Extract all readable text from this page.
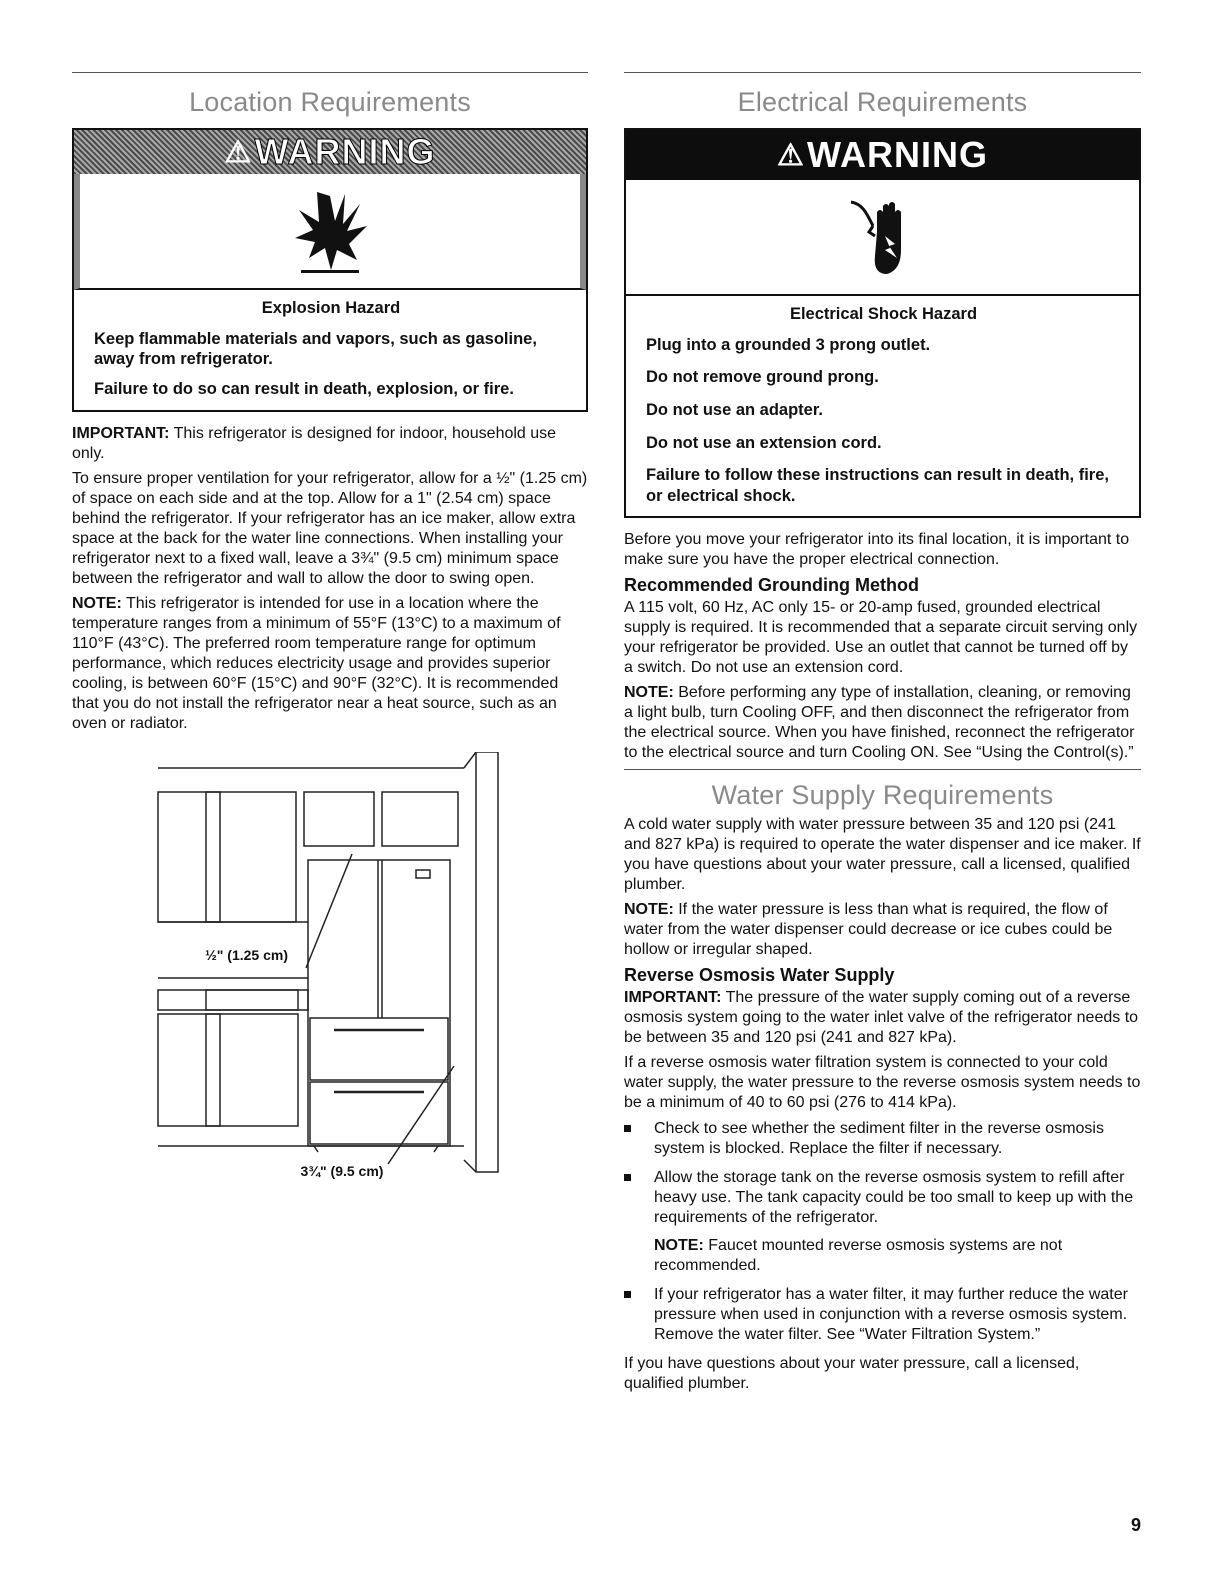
Location Requirements
⚠ WARNING

Explosion Hazard

Keep flammable materials and vapors, such as gasoline, away from refrigerator.

Failure to do so can result in death, explosion, or fire.

IMPORTANT: This refrigerator is designed for indoor, household use only.

To ensure proper ventilation for your refrigerator, allow for a ½" (1.25 cm) of space on each side and at the top. Allow for a 1" (2.54 cm) space behind the refrigerator. If your refrigerator has an ice maker, allow extra space at the back for the water line connections. When installing your refrigerator next to a fixed wall, leave a 3¾" (9.5 cm) minimum space between the refrigerator and wall to allow the door to swing open.

NOTE: This refrigerator is intended for use in a location where the temperature ranges from a minimum of 55°F (13°C) to a maximum of 110°F (43°C). The preferred room temperature range for optimum performance, which reduces electricity usage and provides superior cooling, is between 60°F (15°C) and 90°F (32°C). It is recommended that you do not install the refrigerator near a heat source, such as an oven or radiator.

½" (1.25 cm)
3¾" (9.5 cm)
Electrical Requirements
⚠ WARNING

Electrical Shock Hazard

Plug into a grounded 3 prong outlet.

Do not remove ground prong.

Do not use an adapter.

Do not use an extension cord.

Failure to follow these instructions can result in death, fire, or electrical shock.

Before you move your refrigerator into its final location, it is important to make sure you have the proper electrical connection.

Recommended Grounding Method

A 115 volt, 60 Hz, AC only 15- or 20-amp fused, grounded electrical supply is required. It is recommended that a separate circuit serving only your refrigerator be provided. Use an outlet that cannot be turned off by a switch. Do not use an extension cord.

NOTE: Before performing any type of installation, cleaning, or removing a light bulb, turn Cooling OFF, and then disconnect the refrigerator from the electrical source. When you have finished, reconnect the refrigerator to the electrical source and turn Cooling ON. See “Using the Control(s).”

Water Supply Requirements

A cold water supply with water pressure between 35 and 120 psi (241 and 827 kPa) is required to operate the water dispenser and ice maker. If you have questions about your water pressure, call a licensed, qualified plumber.

NOTE: If the water pressure is less than what is required, the flow of water from the water dispenser could decrease or ice cubes could be hollow or irregular shaped.

Reverse Osmosis Water Supply

IMPORTANT: The pressure of the water supply coming out of a reverse osmosis system going to the water inlet valve of the refrigerator needs to be between 35 and 120 psi (241 and 827 kPa).

If a reverse osmosis water filtration system is connected to your cold water supply, the water pressure to the reverse osmosis system needs to be a minimum of 40 to 60 psi (276 to 414 kPa).

Check to see whether the sediment filter in the reverse osmosis system is blocked. Replace the filter if necessary.
Allow the storage tank on the reverse osmosis system to refill after heavy use. The tank capacity could be too small to keep up with the requirements of the refrigerator.

NOTE: Faucet mounted reverse osmosis systems are not recommended.

If your refrigerator has a water filter, it may further reduce the water pressure when used in conjunction with a reverse osmosis system. Remove the water filter. See “Water Filtration System.”

If you have questions about your water pressure, call a licensed, qualified plumber.

9
